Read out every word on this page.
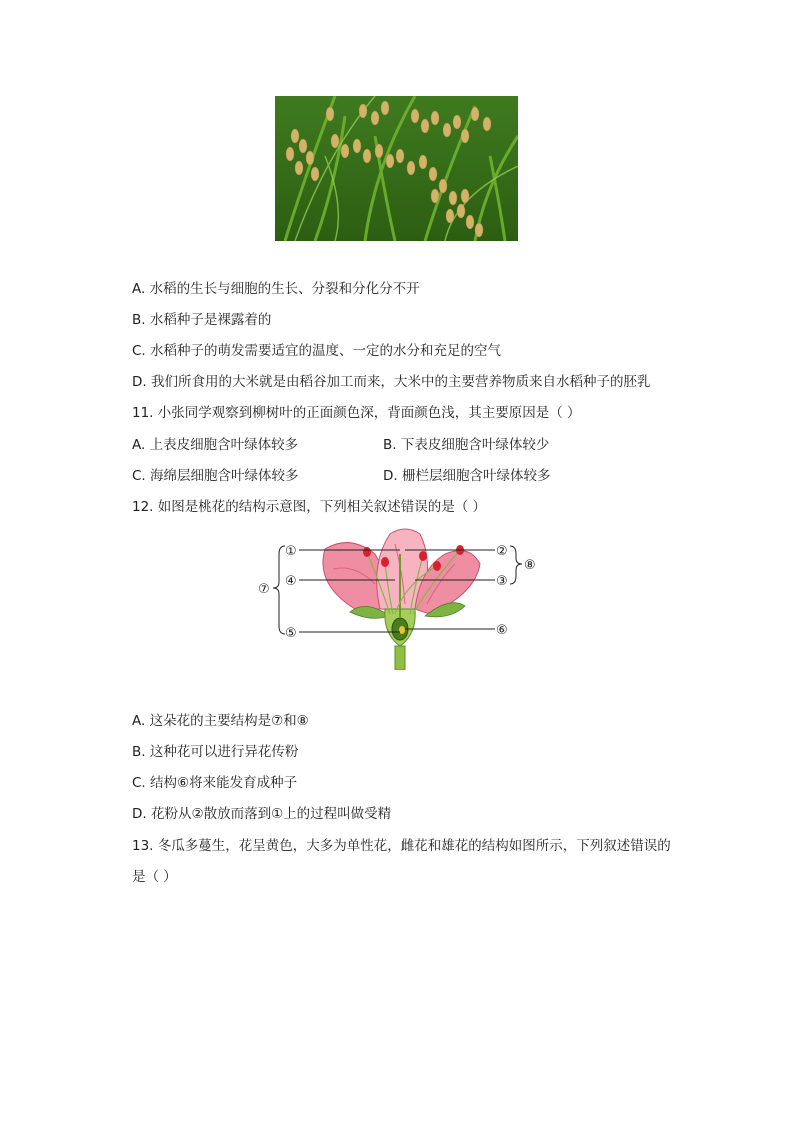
A. 水稻的生长与细胞的生长、分裂和分化分不开
B. 水稻种子是裸露着的
C. 水稻种子的萌发需要适宜的温度、一定的水分和充足的空气
D. 我们所食用的大米就是由稻谷加工而来，大米中的主要营养物质来自水稻种子的胚乳
11. 小张同学观察到柳树叶的正面颜色深，背面颜色浅，其主要原因是（ ）
A. 上表皮细胞含叶绿体较多	B. 下表皮细胞含叶绿体较少
C. 海绵层细胞含叶绿体较多	D. 栅栏层细胞含叶绿体较多
12. 如图是桃花的结构示意图，下列相关叙述错误的是（ ）
①	②
③
④
⑤	⑥
⑦
⑧
A. 这朵花的主要结构是⑦和⑧
B. 这种花可以进行异花传粉
C. 结构⑥将来能发育成种子
D. 花粉从②散放而落到①上的过程叫做受精
13. 冬瓜多蔓生，花呈黄色，大多为单性花，雌花和雄花的结构如图所示，下列叙述错误的
是（ ）
